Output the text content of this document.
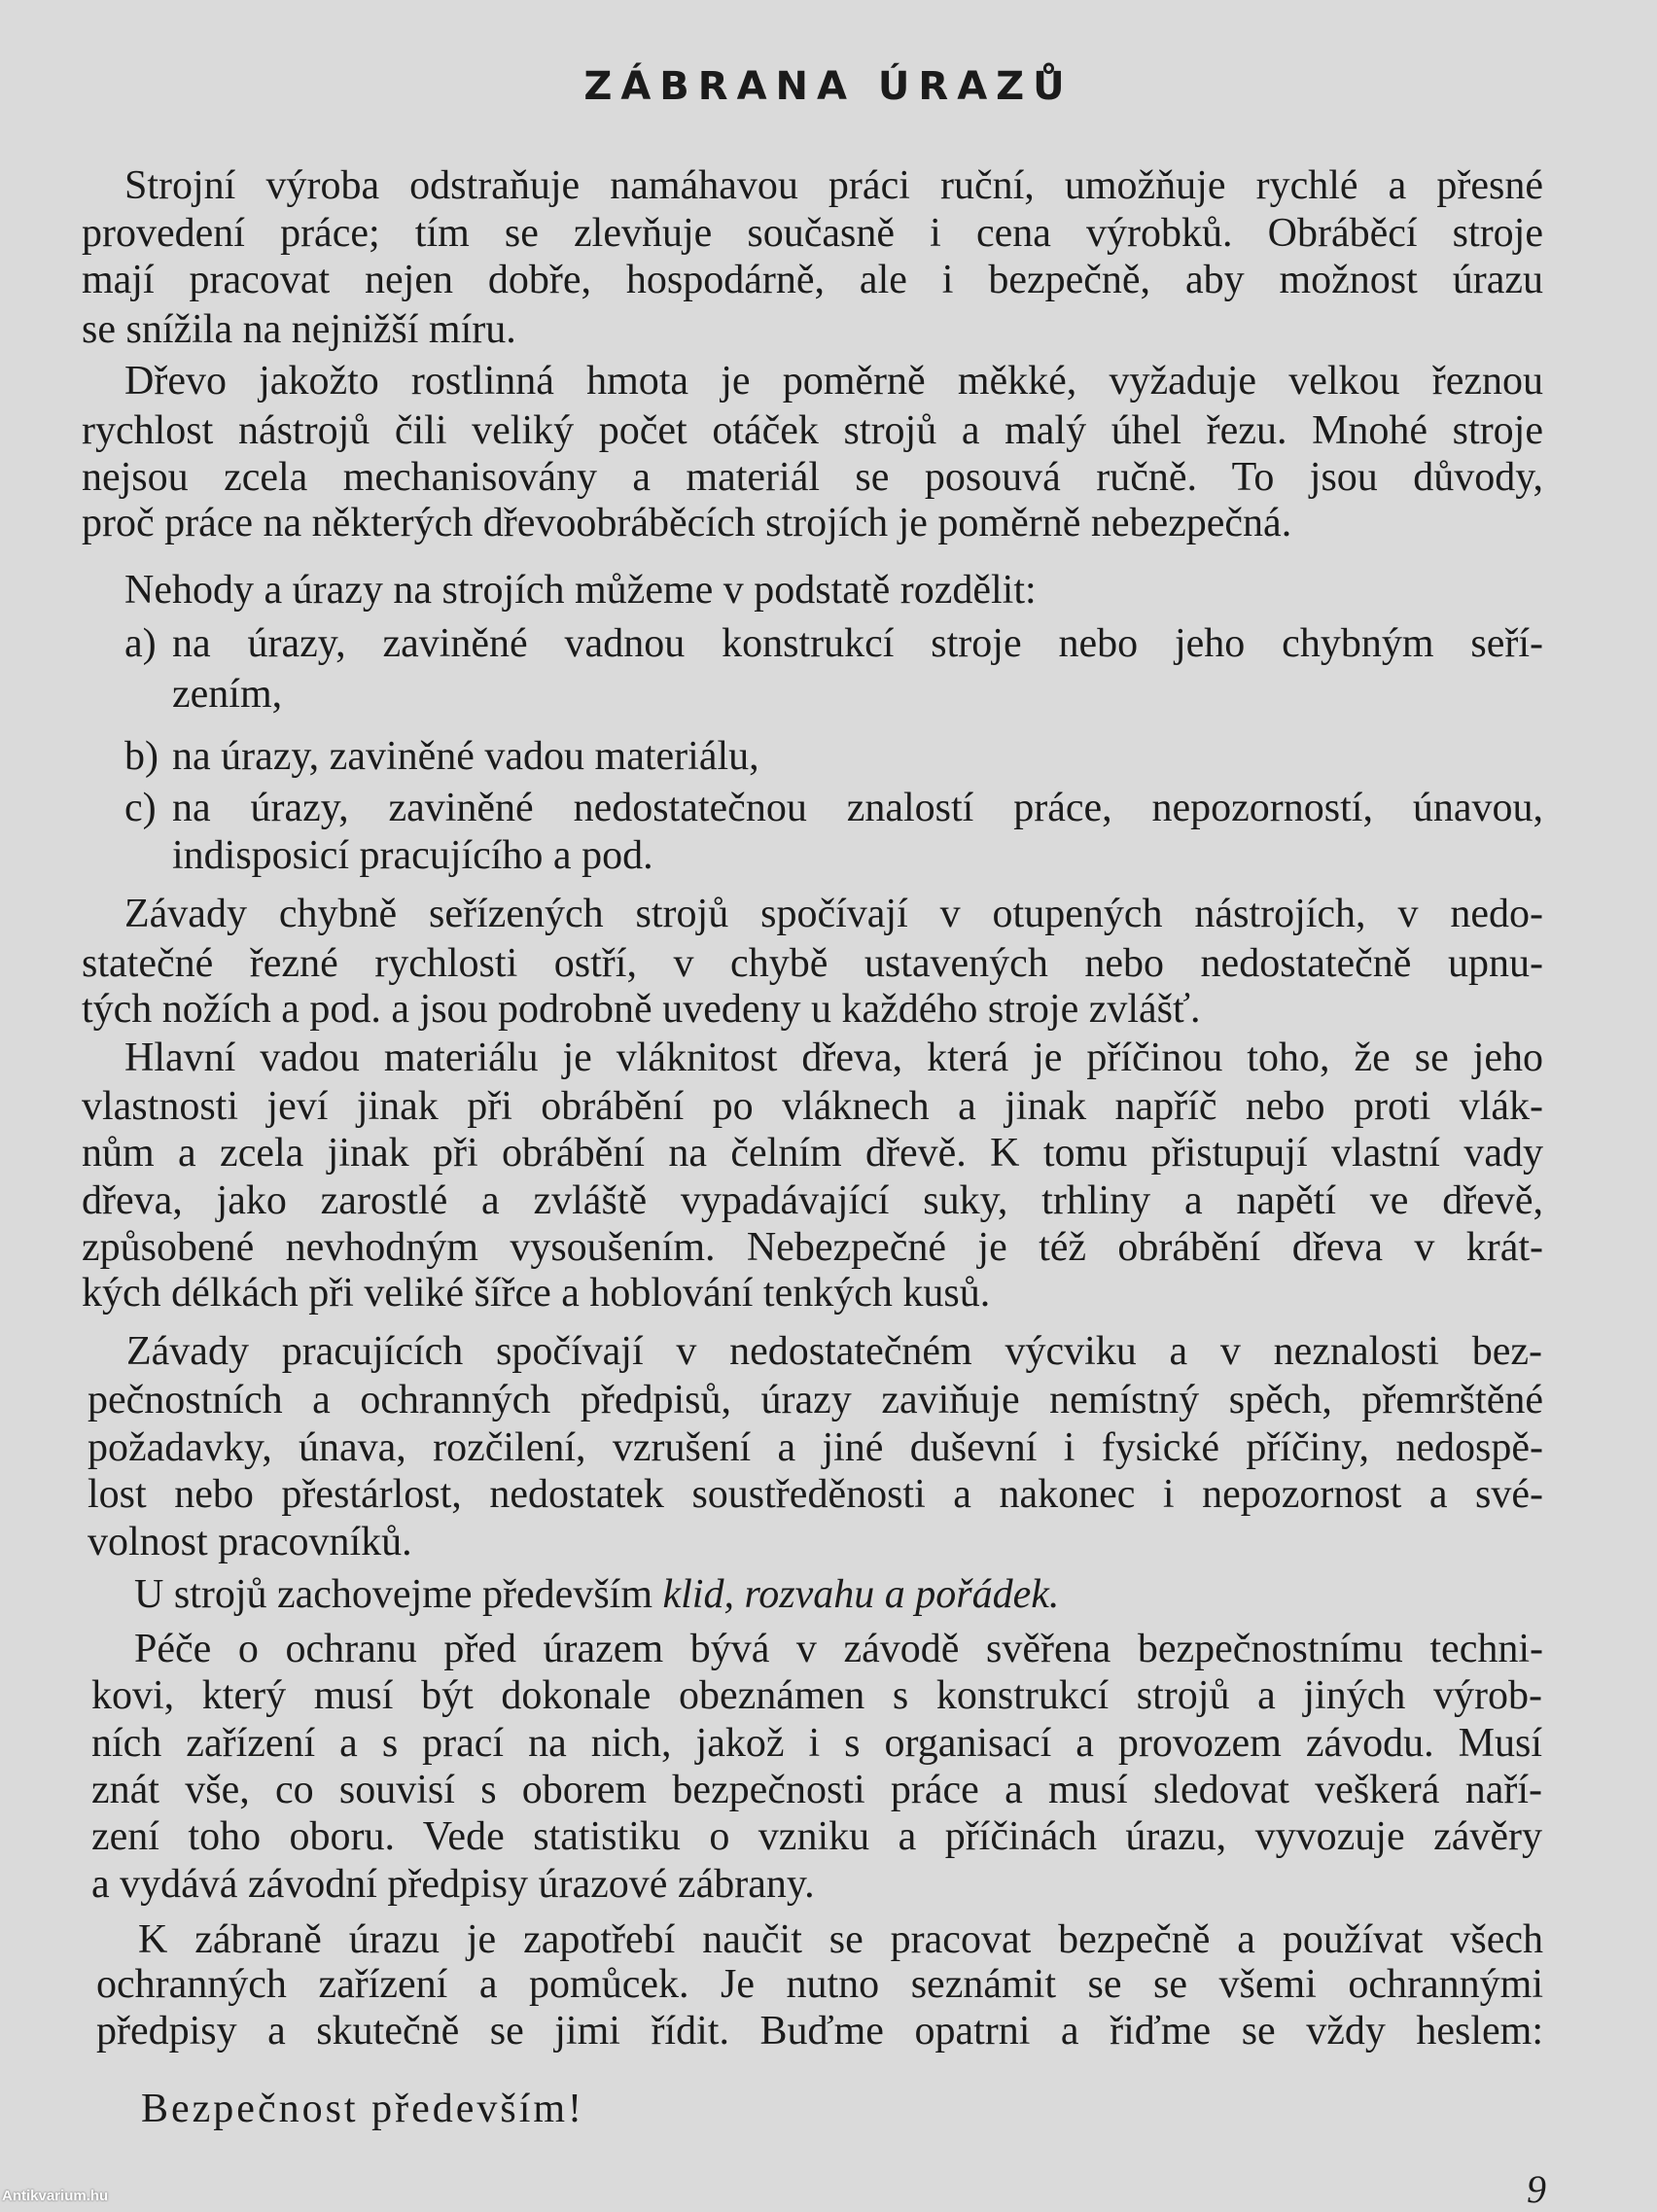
ZÁBRANA ÚRAZŮ
Strojní výroba odstraňuje namáhavou práci ruční, umožňuje rychlé a přesné
provedení práce; tím se zlevňuje současně i cena výrobků. Obráběcí stroje
mají pracovat nejen dobře, hospodárně, ale i bezpečně, aby možnost úrazu
se snížila na nejnižší míru.
Dřevo jakožto rostlinná hmota je poměrně měkké, vyžaduje velkou řeznou
rychlost nástrojů čili veliký počet otáček strojů a malý úhel řezu. Mnohé stroje
nejsou zcela mechanisovány a materiál se posouvá ručně. To jsou důvody,
proč práce na některých dřevoobráběcích strojích je poměrně nebezpečná.
Nehody a úrazy na strojích můžeme v podstatě rozdělit:
na úrazy, zaviněné vadnou konstrukcí stroje nebo jeho chybným seří-
a)
zením,
na úrazy, zaviněné vadou materiálu,
b)
na úrazy, zaviněné nedostatečnou znalostí práce, nepozorností, únavou,
c)
indisposicí pracujícího a pod.
Závady chybně seřízených strojů spočívají v otupených nástrojích, v nedo-
statečné řezné rychlosti ostří, v chybě ustavených nebo nedostatečně upnu-
tých nožích a pod. a jsou podrobně uvedeny u každého stroje zvlášť.
Hlavní vadou materiálu je vláknitost dřeva, která je příčinou toho, že se jeho
vlastnosti jeví jinak při obrábění po vláknech a jinak napříč nebo proti vlák-
nům a zcela jinak při obrábění na čelním dřevě. K tomu přistupují vlastní vady
dřeva, jako zarostlé a zvláště vypadávající suky, trhliny a napětí ve dřevě,
způsobené nevhodným vysoušením. Nebezpečné je též obrábění dřeva v krát-
kých délkách při veliké šířce a hoblování tenkých kusů.
Závady pracujících spočívají v nedostatečném výcviku a v neznalosti bez-
pečnostních a ochranných předpisů, úrazy zaviňuje nemístný spěch, přemrštěné
požadavky, únava, rozčilení, vzrušení a jiné duševní i fysické příčiny, nedospě-
lost nebo přestárlost, nedostatek soustředěnosti a nakonec i nepozornost a své-
volnost pracovníků.
U strojů zachovejme především klid, rozvahu a pořádek.
Péče o ochranu před úrazem bývá v závodě svěřena bezpečnostnímu techni-
kovi, který musí být dokonale obeznámen s konstrukcí strojů a jiných výrob-
ních zařízení a s prací na nich, jakož i s organisací a provozem závodu. Musí
znát vše, co souvisí s oborem bezpečnosti práce a musí sledovat veškerá naří-
zení toho oboru. Vede statistiku o vzniku a příčinách úrazu, vyvozuje závěry
a vydává závodní předpisy úrazové zábrany.
K zábraně úrazu je zapotřebí naučit se pracovat bezpečně a používat všech
ochranných zařízení a pomůcek. Je nutno seznámit se se všemi ochrannými
předpisy a skutečně se jimi řídit. Buďme opatrni a řiďme se vždy heslem:
Bezpečnost především!
9
Antikvarium.hu
